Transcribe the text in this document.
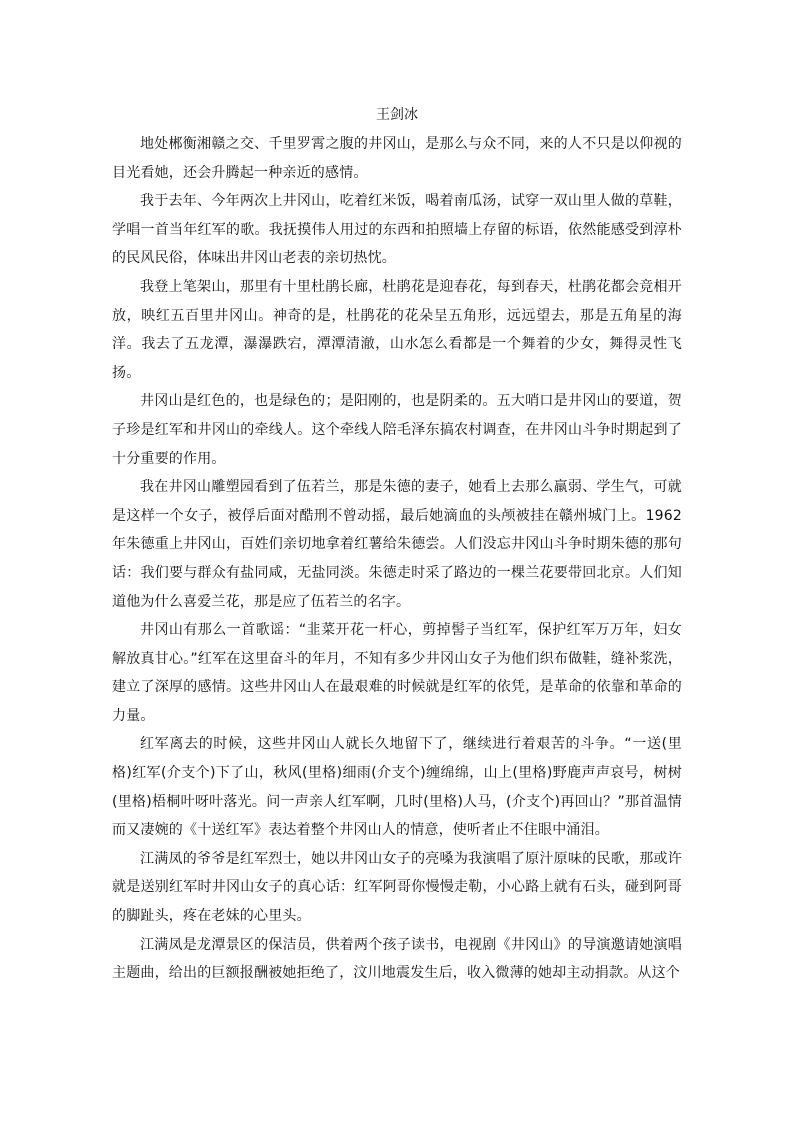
王剑冰

地处郴衡湘赣之交、千里罗霄之腹的井冈山，是那么与众不同，来的人不只是以仰视的目光看她，还会升腾起一种亲近的感情。

我于去年、今年两次上井冈山，吃着红米饭，喝着南瓜汤，试穿一双山里人做的草鞋，学唱一首当年红军的歌。我抚摸伟人用过的东西和拍照墙上存留的标语，依然能感受到淳朴的民风民俗，体味出井冈山老表的亲切热忱。

我登上笔架山，那里有十里杜鹃长廊，杜鹃花是迎春花，每到春天，杜鹃花都会竞相开放，映红五百里井冈山。神奇的是，杜鹃花的花朵呈五角形，远远望去，那是五角星的海洋。我去了五龙潭，瀑瀑跌宕，潭潭清澈，山水怎么看都是一个舞着的少女，舞得灵性飞扬。

井冈山是红色的，也是绿色的；是阳刚的，也是阴柔的。五大哨口是井冈山的要道，贺子珍是红军和井冈山的牵线人。这个牵线人陪毛泽东搞农村调查，在井冈山斗争时期起到了十分重要的作用。

我在井冈山雕塑园看到了伍若兰，那是朱德的妻子，她看上去那么羸弱、学生气，可就是这样一个女子，被俘后面对酷刑不曾动摇，最后她滴血的头颅被挂在赣州城门上。1962年朱德重上井冈山，百姓们亲切地拿着红薯给朱德尝。人们没忘井冈山斗争时期朱德的那句话：我们要与群众有盐同咸，无盐同淡。朱德走时采了路边的一棵兰花要带回北京。人们知道他为什么喜爱兰花，那是应了伍若兰的名字。

井冈山有那么一首歌谣：“韭菜开花一杆心，剪掉髻子当红军，保护红军万万年，妇女解放真甘心。”红军在这里奋斗的年月，不知有多少井冈山女子为他们织布做鞋，缝补浆洗，建立了深厚的感情。这些井冈山人在最艰难的时候就是红军的依凭，是革命的依靠和革命的力量。

红军离去的时候，这些井冈山人就长久地留下了，继续进行着艰苦的斗争。“一送(里格)红军(介支个)下了山，秋风(里格)细雨(介支个)缠绵绵，山上(里格)野鹿声声哀号，树树(里格)梧桐叶呀叶落光。问一声亲人红军啊，几时(里格)人马，(介支个)再回山？”那首温情而又凄婉的《十送红军》表达着整个井冈山人的情意，使听者止不住眼中涌泪。

江满凤的爷爷是红军烈士，她以井冈山女子的亮嗓为我演唱了原汁原味的民歌，那或许就是送别红军时井冈山女子的真心话：红军阿哥你慢慢走勒，小心路上就有石头，碰到阿哥的脚趾头，疼在老妹的心里头。

江满凤是龙潭景区的保洁员，供着两个孩子读书，电视剧《井冈山》的导演邀请她演唱主题曲，给出的巨额报酬被她拒绝了，汶川地震发生后，收入微薄的她却主动捐款。从这个
